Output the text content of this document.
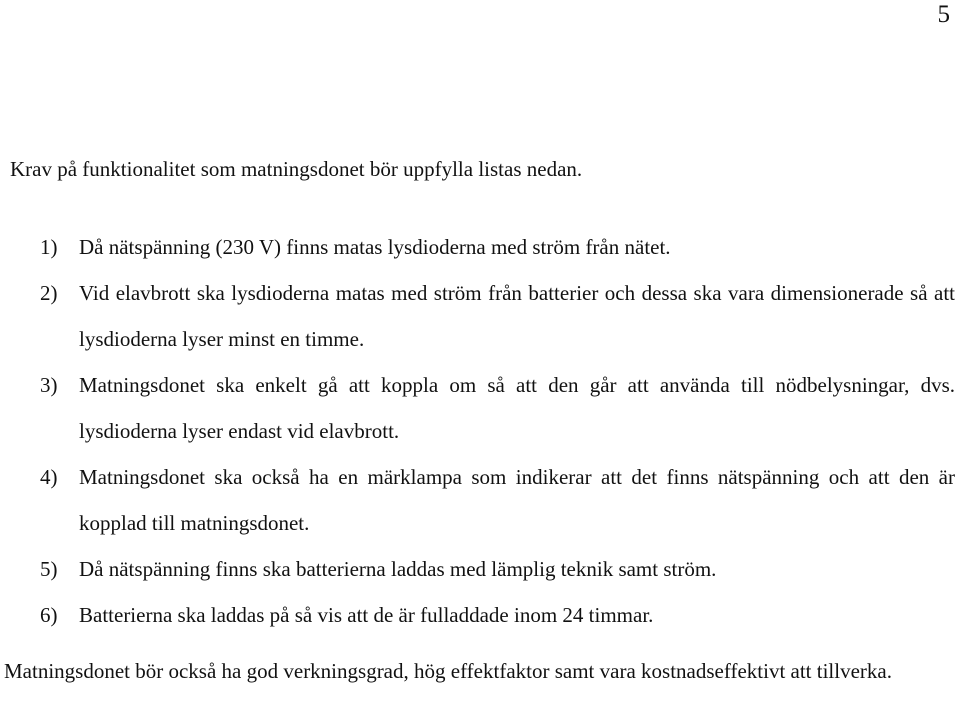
5

Krav på funktionalitet som matningsdonet bör uppfylla listas nedan.

1)	Då nätspänning (230 V) finns matas lysdioderna med ström från nätet.
2)	Vid elavbrott ska lysdioderna matas med ström från batterier och dessa ska vara dimensionerade så att lysdioderna lyser minst en timme.
3)	Matningsdonet ska enkelt gå att koppla om så att den går att använda till nödbelysningar, dvs. lysdioderna lyser endast vid elavbrott.
4)	Matningsdonet ska också ha en märklampa som indikerar att det finns nätspänning och att den är kopplad till matningsdonet.
5)	Då nätspänning finns ska batterierna laddas med lämplig teknik samt ström.
6)	Batterierna ska laddas på så vis att de är fulladdade inom 24 timmar.

Matningsdonet bör också ha god verkningsgrad, hög effektfaktor samt vara kostnadseffektivt att tillverka.
